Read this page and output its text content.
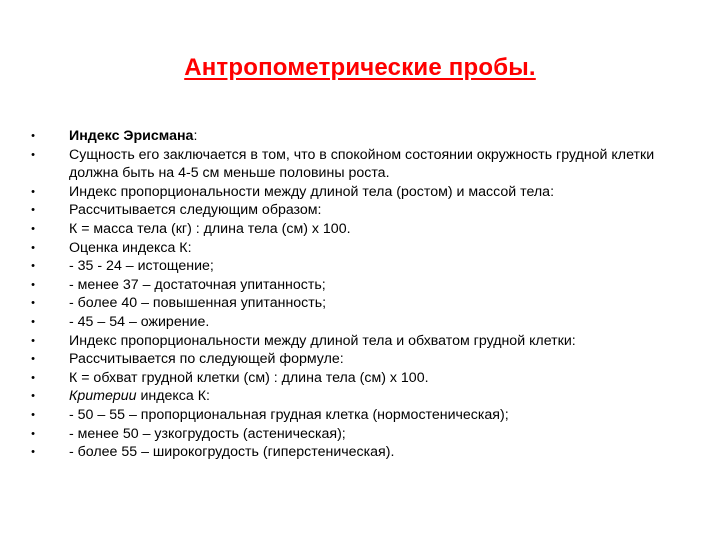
Антропометрические пробы.
• Индекс Эрисмана:
• Сущность его заключается в том, что в спокойном состоянии окружность грудной клетки должна быть на 4-5 см меньше половины роста.
• Индекс пропорциональности между длиной тела (ростом) и массой тела:
• Рассчитывается следующим образом:
• К = масса тела (кг) : длина тела (см) х 100.
• Оценка индекса К:
• - 35 - 24 – истощение;
• - менее 37 – достаточная упитанность;
• - более 40 – повышенная упитанность;
• - 45 – 54 – ожирение.
• Индекс пропорциональности между длиной тела и обхватом грудной клетки:
• Рассчитывается по следующей формуле:
• К = обхват грудной клетки (см) : длина тела (см) х 100.
• Критерии индекса К:
• - 50 – 55 – пропорциональная грудная клетка (нормостеническая);
• - менее 50 – узкогрудость (астеническая);
• - более 55 – широкогрудость (гиперстеническая).
